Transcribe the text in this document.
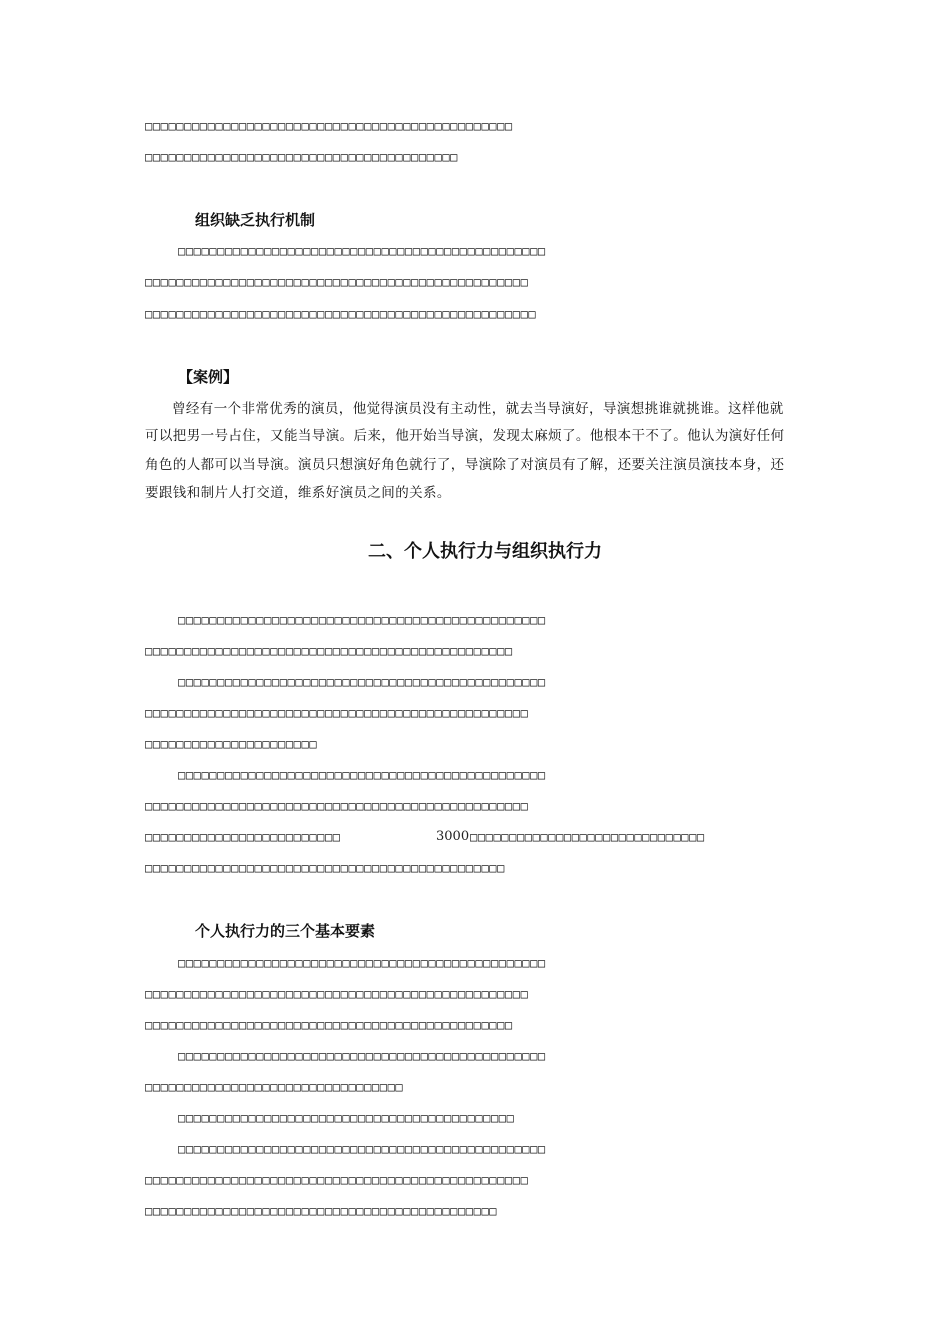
□□□□□□□□□□□□□□□□□□□□□□□□□□□□□□□□□□□□□□□□□□□□□□□
□□□□□□□□□□□□□□□□□□□□□□□□□□□□□□□□□□□□□□□□
组织缺乏执行机制
□□□□□□□□□□□□□□□□□□□□□□□□□□□□□□□□□□□□□□□□□□□□□□□
□□□□□□□□□□□□□□□□□□□□□□□□□□□□□□□□□□□□□□□□□□□□□□□□□
□□□□□□□□□□□□□□□□□□□□□□□□□□□□□□□□□□□□□□□□□□□□□□□□□□
【案例】
曾经有一个非常优秀的演员，他觉得演员没有主动性，就去当导演好，导演想挑谁就挑谁。这样他就
可以把男一号占住，又能当导演。后来，他开始当导演，发现太麻烦了。他根本干不了。他认为演好任何
角色的人都可以当导演。演员只想演好角色就行了，导演除了对演员有了解，还要关注演员演技本身，还
要跟钱和制片人打交道，维系好演员之间的关系。
二、个人执行力与组织执行力
□□□□□□□□□□□□□□□□□□□□□□□□□□□□□□□□□□□□□□□□□□□□□□□
□□□□□□□□□□□□□□□□□□□□□□□□□□□□□□□□□□□□□□□□□□□□□□□
□□□□□□□□□□□□□□□□□□□□□□□□□□□□□□□□□□□□□□□□□□□□□□□
□□□□□□□□□□□□□□□□□□□□□□□□□□□□□□□□□□□□□□□□□□□□□□□□□
□□□□□□□□□□□□□□□□□□□□□□
□□□□□□□□□□□□□□□□□□□□□□□□□□□□□□□□□□□□□□□□□□□□□□□
□□□□□□□□□□□□□□□□□□□□□□□□□□□□□□□□□□□□□□□□□□□□□□□□□
□□□□□□□□□□□□□□□□□□□□□□□□□	3000 □□□□□□□□□□□□□□□□□□□□□□□□□□□□□□
□□□□□□□□□□□□□□□□□□□□□□□□□□□□□□□□□□□□□□□□□□□□□□
个人执行力的三个基本要素
□□□□□□□□□□□□□□□□□□□□□□□□□□□□□□□□□□□□□□□□□□□□□□□
□□□□□□□□□□□□□□□□□□□□□□□□□□□□□□□□□□□□□□□□□□□□□□□□□
□□□□□□□□□□□□□□□□□□□□□□□□□□□□□□□□□□□□□□□□□□□□□□□
□□□□□□□□□□□□□□□□□□□□□□□□□□□□□□□□□□□□□□□□□□□□□□□
□□□□□□□□□□□□□□□□□□□□□□□□□□□□□□□□□
□□□□□□□□□□□□□□□□□□□□□□□□□□□□□□□□□□□□□□□□□□□
□□□□□□□□□□□□□□□□□□□□□□□□□□□□□□□□□□□□□□□□□□□□□□□
□□□□□□□□□□□□□□□□□□□□□□□□□□□□□□□□□□□□□□□□□□□□□□□□□
□□□□□□□□□□□□□□□□□□□□□□□□□□□□□□□□□□□□□□□□□□□□□
